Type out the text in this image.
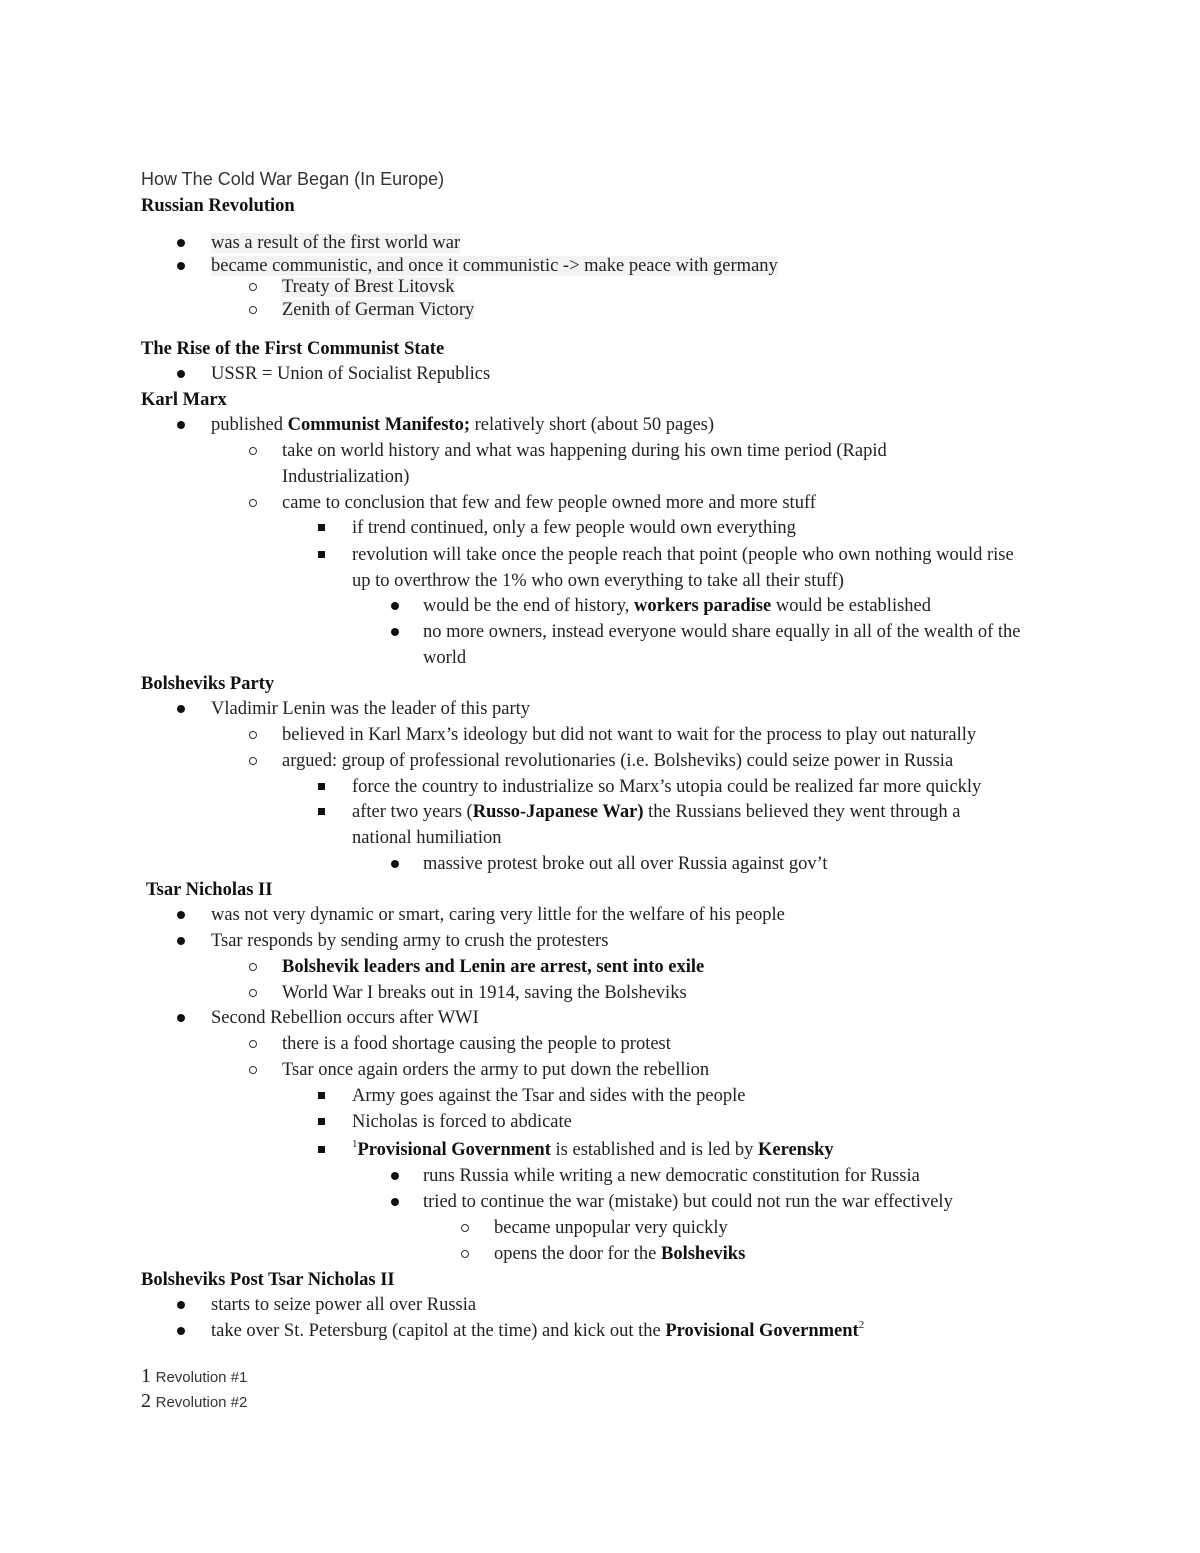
How The Cold War Began (In Europe)
Russian Revolution
was a result of the first world war
became communistic, and once it communistic -> make peace with germany
Treaty of Brest Litovsk
Zenith of German Victory
The Rise of the First Communist State
USSR = Union of Socialist Republics
Karl Marx
published Communist Manifesto; relatively short (about 50 pages)
take on world history and what was happening during his own time period (Rapid
Industrialization)
came to conclusion that few and few people owned more and more stuff
if trend continued, only a few people would own everything
revolution will take once the people reach that point (people who own nothing would rise
up to overthrow the 1% who own everything to take all their stuff)
would be the end of history, workers paradise would be established
no more owners, instead everyone would share equally in all of the wealth of the
world
Bolsheviks Party
Vladimir Lenin was the leader of this party
believed in Karl Marx’s ideology but did not want to wait for the process to play out naturally
argued: group of professional revolutionaries (i.e. Bolsheviks) could seize power in Russia
force the country to industrialize so Marx’s utopia could be realized far more quickly
after two years (Russo-Japanese War) the Russians believed they went through a
national humiliation
massive protest broke out all over Russia against gov’t
Tsar Nicholas II
was not very dynamic or smart, caring very little for the welfare of his people
Tsar responds by sending army to crush the protesters
Bolshevik leaders and Lenin are arrest, sent into exile
World War I breaks out in 1914, saving the Bolsheviks
Second Rebellion occurs after WWI
there is a food shortage causing the people to protest
Tsar once again orders the army to put down the rebellion
Army goes against the Tsar and sides with the people
Nicholas is forced to abdicate
$^1$Provisional Government is established and is led by Kerensky
runs Russia while writing a new democratic constitution for Russia
tried to continue the war (mistake) but could not run the war effectively
became unpopular very quickly
opens the door for the Bolsheviks
Bolsheviks Post Tsar Nicholas II
starts to seize power all over Russia
take over St. Petersburg (capitol at the time) and kick out the Provisional Government$^2$
1 Revolution #1
2 Revolution #2
